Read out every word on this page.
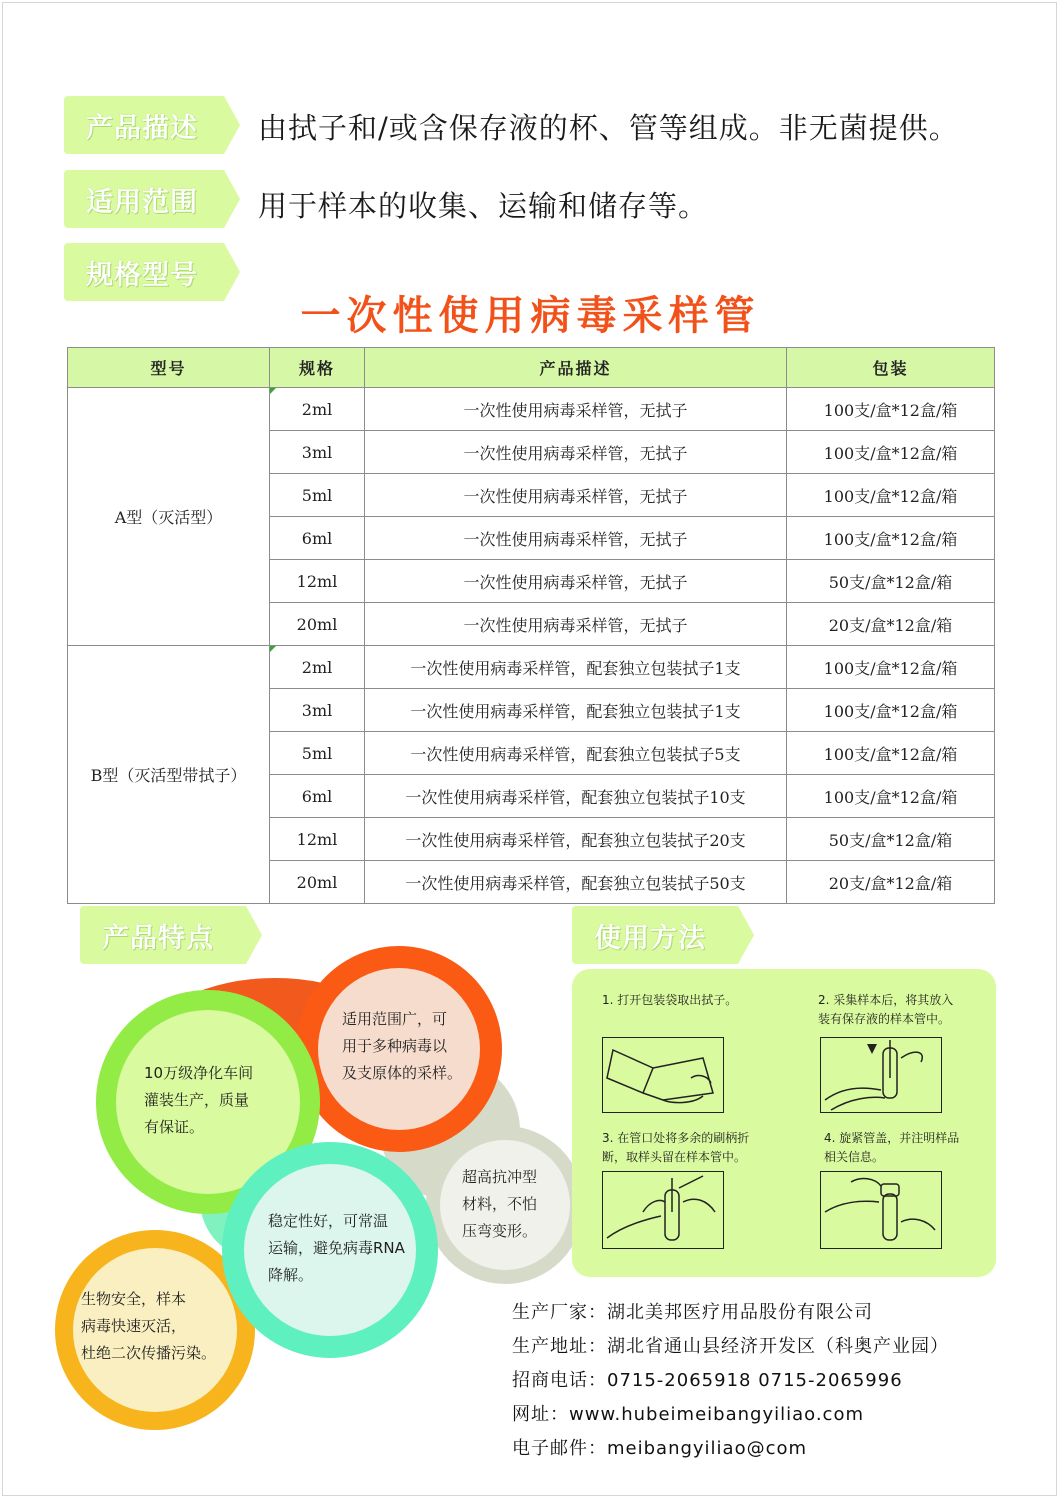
产品描述	由拭子和/或含保存液的杯、管等组成。非无菌提供。
适用范围	用于样本的收集、运输和储存等。
规格型号
一次性使用病毒采样管
型号	规格	产品描述	包装
A型（灭活型）	2ml	一次性使用病毒采样管，无拭子	100支/盒*12盒/箱
	3ml	一次性使用病毒采样管，无拭子	100支/盒*12盒/箱
	5ml	一次性使用病毒采样管，无拭子	100支/盒*12盒/箱
	6ml	一次性使用病毒采样管，无拭子	100支/盒*12盒/箱
	12ml	一次性使用病毒采样管，无拭子	50支/盒*12盒/箱
	20ml	一次性使用病毒采样管，无拭子	20支/盒*12盒/箱
B型（灭活型带拭子）	2ml	一次性使用病毒采样管，配套独立包装拭子1支	100支/盒*12盒/箱
	3ml	一次性使用病毒采样管，配套独立包装拭子1支	100支/盒*12盒/箱
	5ml	一次性使用病毒采样管，配套独立包装拭子5支	100支/盒*12盒/箱
	6ml	一次性使用病毒采样管，配套独立包装拭子10支	100支/盒*12盒/箱
	12ml	一次性使用病毒采样管，配套独立包装拭子20支	50支/盒*12盒/箱
	20ml	一次性使用病毒采样管，配套独立包装拭子50支	20支/盒*12盒/箱
产品特点	使用方法
适用范围广，可
用于多种病毒以
及支原体的采样。
10万级净化车间
灌装生产，质量
有保证。
超高抗冲型
材料，不怕
压弯变形。
生物安全，样本
病毒快速灭活，
杜绝二次传播污染。
稳定性好，可常温
运输，避免病毒RNA
降解。
1. 打开包装袋取出拭子。	2. 采集样本后，将其放入
装有保存液的样本管中。
3. 在管口处将多余的刷柄折
断，取样头留在样本管中。
4. 旋紧管盖，并注明样品
相关信息。
生产厂家：湖北美邦医疗用品股份有限公司
生产地址：湖北省通山县经济开发区（科奥产业园）
招商电话：0715-2065918 0715-2065996
网址：www.hubeimeibangyiliao.com
电子邮件：meibangyiliao@com
